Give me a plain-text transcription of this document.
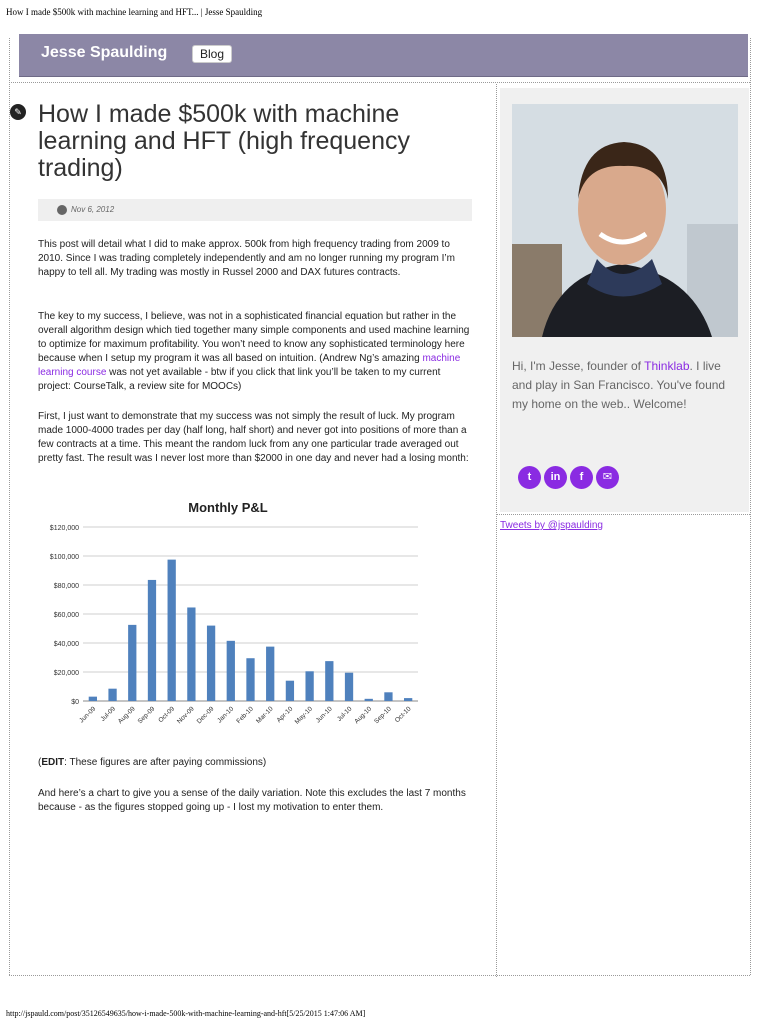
How I made $500k with machine learning and HFT... | Jesse Spaulding
Jesse Spaulding	Blog
✎ How I made $500k with machine learning and HFT (high frequency trading)
Nov 6, 2012
This post will detail what I did to make approx. 500k from high frequency trading from 2009 to 2010. Since I was trading completely independently and am no longer running my program I’m happy to tell all. My trading was mostly in Russel 2000 and DAX futures contracts.
The key to my success, I believe, was not in a sophisticated financial equation but rather in the overall algorithm design which tied together many simple components and used machine learning to optimize for maximum profitability. You won’t need to know any sophisticated terminology here because when I setup my program it was all based on intuition. (Andrew Ng’s amazing machine learning course was not yet available - btw if you click that link you’ll be taken to my current project: CourseTalk, a review site for MOOCs)
First, I just want to demonstrate that my success was not simply the result of luck. My program made 1000-4000 trades per day (half long, half short) and never got into positions of more than a few contracts at a time. This meant the random luck from any one particular trade averaged out pretty fast. The result was I never lost more than $2000 in one day and never had a losing month:
Monthly P&L
$0
$20,000
$40,000
$60,000
$80,000
$100,000
$120,000
Jun-09 Jul-09 Aug-09 Sep-09 Oct-09 Nov-09 Dec-09 Jan-10 Feb-10 Mar-10 Apr-10 May-10 Jun-10 Jul-10 Aug-10 Sep-10 Oct-10
(EDIT: These figures are after paying commissions)
And here’s a chart to give you a sense of the daily variation. Note this excludes the last 7 months because - as the figures stopped going up - I lost my motivation to enter them.
Hi, I'm Jesse, founder of Thinklab. I live and play in San Francisco. You've found my home on the web.. Welcome!
t	in	f	✉
Tweets by @jspaulding
http://jspauld.com/post/35126549635/how-i-made-500k-with-machine-learning-and-hft[5/25/2015 1:47:06 AM]
